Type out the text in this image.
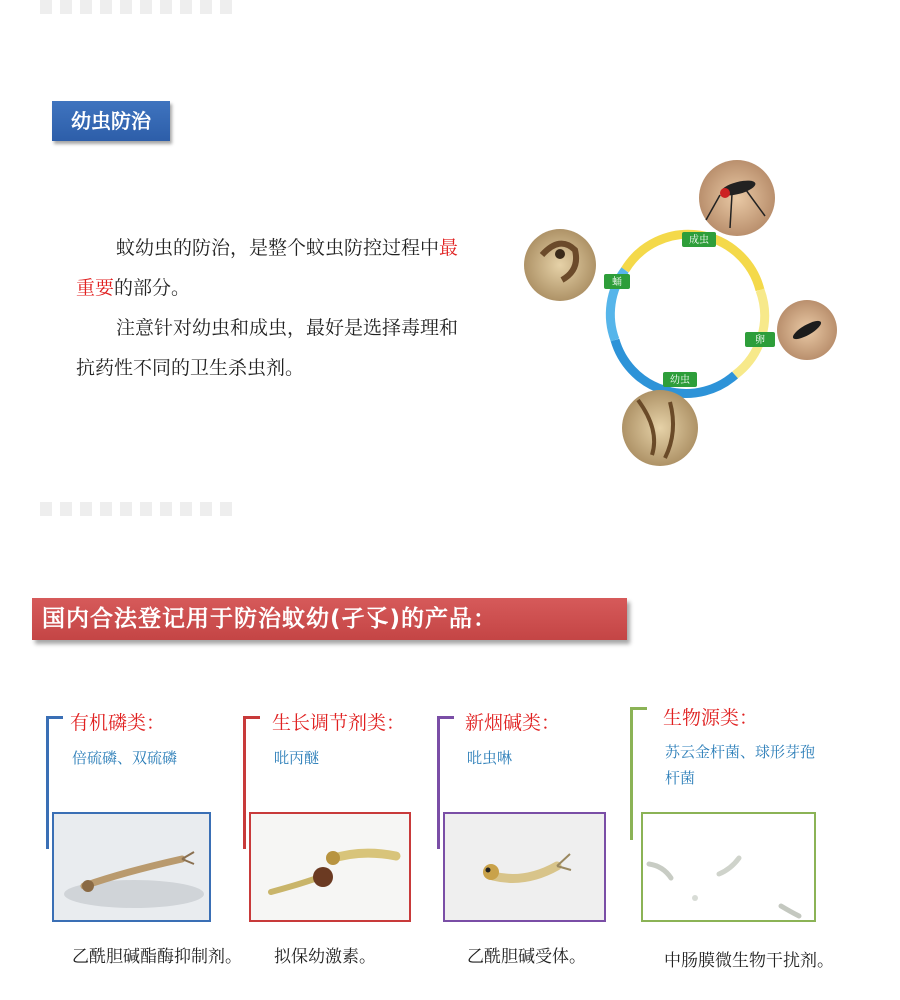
幼虫防治

蚊幼虫的防治，是整个蚊虫防控过程中最重要的部分。

注意针对幼虫和成虫，最好是选择毒理和抗药性不同的卫生杀虫剂。

成虫
卵
幼虫
蛹
国内合法登记用于防治蚊幼(孑孓)的产品：
有机磷类：
倍硫磷、双硫磷
乙酰胆碱酯酶抑制剂。
生长调节剂类：
吡丙醚
拟保幼激素。
新烟碱类：
吡虫啉
乙酰胆碱受体。
生物源类：
苏云金杆菌、球形芽孢
杆菌
中肠膜微生物干扰剂。
